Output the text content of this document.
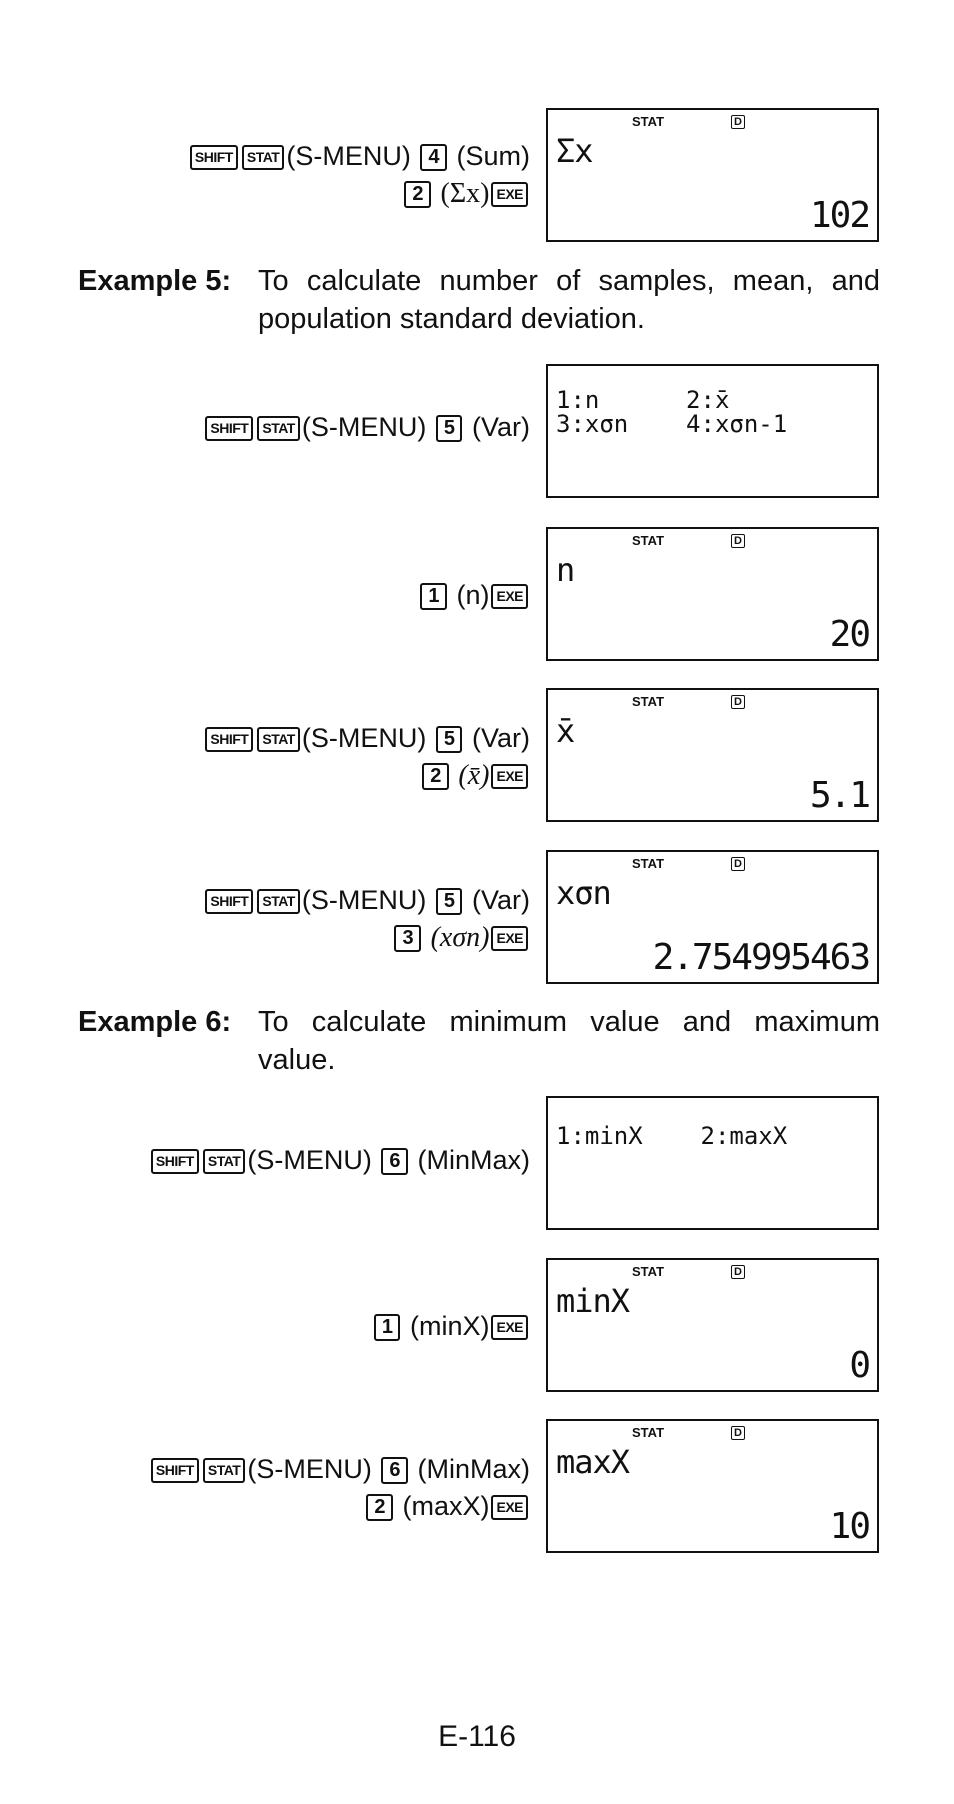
SHIFT STAT (S-MENU) 4 (Sum)
2 (Σx) EXE
STAT	D
Σx
102
Example 5: To calculate number of samples, mean, and population standard deviation.
SHIFT STAT (S-MENU) 5 (Var)
1:n      2:x̄
3:xσn    4:xσn-1
1 (n) EXE
STAT	D
n
20
SHIFT STAT (S-MENU) 5 (Var)
2 (x̄) EXE
STAT	D
x̄
5.1
SHIFT STAT (S-MENU) 5 (Var)
3 (xσn) EXE
STAT	D
xσn
2.754995463
Example 6: To calculate minimum value and maximum value.
SHIFT STAT (S-MENU) 6 (MinMax)
1:minX    2:maxX
1 (minX) EXE
STAT	D
minX
0
SHIFT STAT (S-MENU) 6 (MinMax)
2 (maxX) EXE
STAT	D
maxX
10
E-116
